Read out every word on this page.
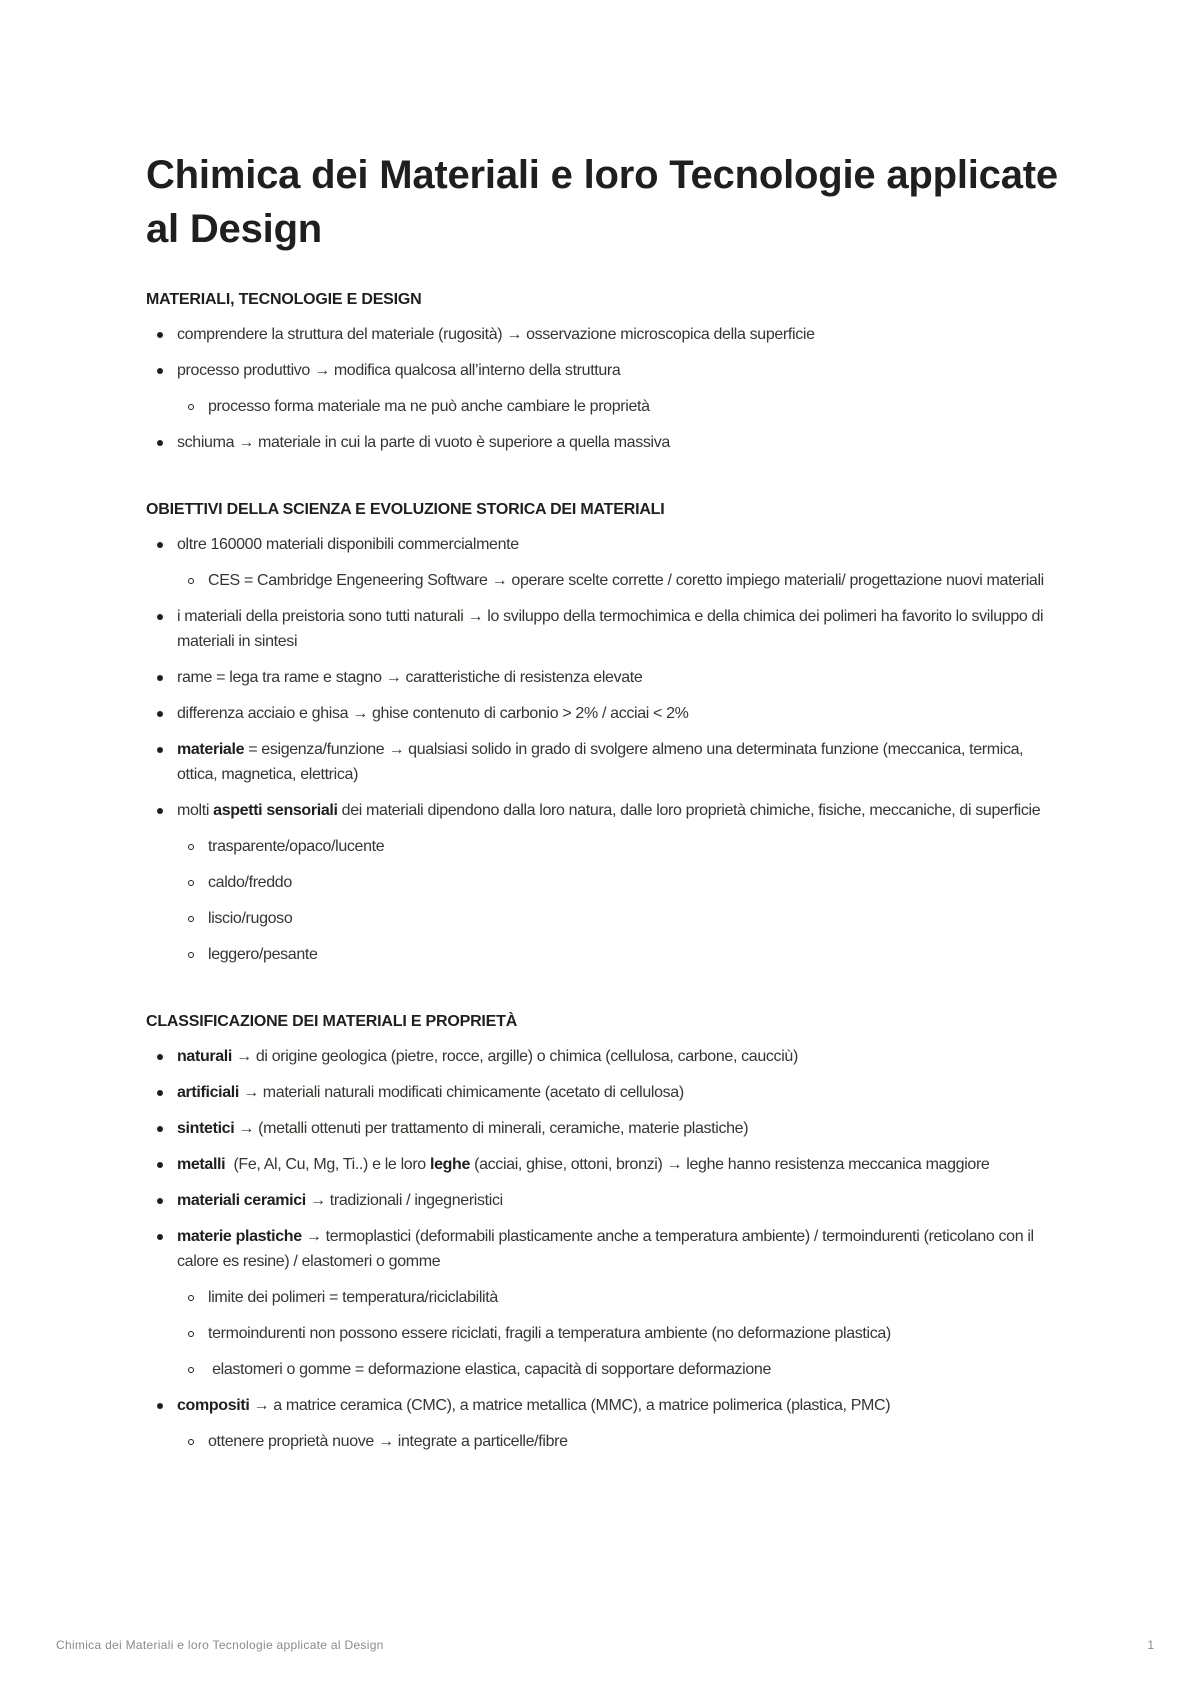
Chimica dei Materiali e loro Tecnologie applicate al Design
MATERIALI, TECNOLOGIE E DESIGN
comprendere la struttura del materiale (rugosità) → osservazione microscopica della superficie
processo produttivo → modifica qualcosa all’interno della struttura
processo forma materiale ma ne può anche cambiare le proprietà
schiuma → materiale in cui la parte di vuoto è superiore a quella massiva
OBIETTIVI DELLA SCIENZA E EVOLUZIONE STORICA DEI MATERIALI
oltre 160000 materiali disponibili commercialmente
CES = Cambridge Engeneering Software → operare scelte corrette / coretto impiego materiali/ progettazione nuovi materiali
i materiali della preistoria sono tutti naturali → lo sviluppo della termochimica e della chimica dei polimeri ha favorito lo sviluppo di materiali in sintesi
rame = lega tra rame e stagno → caratteristiche di resistenza elevate
differenza acciaio e ghisa → ghise contenuto di carbonio > 2% / acciai < 2%
materiale = esigenza/funzione → qualsiasi solido in grado di svolgere almeno una determinata funzione (meccanica, termica, ottica, magnetica, elettrica)
molti aspetti sensoriali dei materiali dipendono dalla loro natura, dalle loro proprietà chimiche, fisiche, meccaniche, di superficie
trasparente/opaco/lucente
caldo/freddo
liscio/rugoso
leggero/pesante
CLASSIFICAZIONE DEI MATERIALI E PROPRIETÀ
naturali → di origine geologica (pietre, rocce, argille) o chimica (cellulosa, carbone, caucciù)
artificiali → materiali naturali modificati chimicamente (acetato di cellulosa)
sintetici → (metalli ottenuti per trattamento di minerali, ceramiche, materie plastiche)
metalli  (Fe, Al, Cu, Mg, Ti..) e le loro leghe (acciai, ghise, ottoni, bronzi) → leghe hanno resistenza meccanica maggiore
materiali ceramici → tradizionali / ingegneristici
materie plastiche → termoplastici (deformabili plasticamente anche a temperatura ambiente) / termoindurenti (reticolano con il calore es resine) / elastomeri o gomme
limite dei polimeri = temperatura/riciclabilità
termoindurenti non possono essere riciclati, fragili a temperatura ambiente (no deformazione plastica)
elastomeri o gomme = deformazione elastica, capacità di sopportare deformazione
compositi → a matrice ceramica (CMC), a matrice metallica (MMC), a matrice polimerica (plastica, PMC)
ottenere proprietà nuove → integrate a particelle/fibre
Chimica dei Materiali e loro Tecnologie applicate al Design	1
